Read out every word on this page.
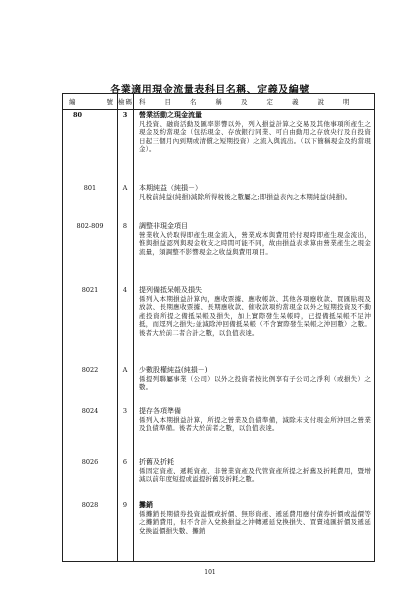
各業適用現金流量表科目名稱、定義及編號
編	號 檢碼 科目名稱及定義說明
80	3	營業活動之現金流量
凡投資、融資活動及匯率影響以外，列入損益計算之交易及其他事項所產生之現金及約當現金（包括現金、存放銀行同業、可自由動用之存放央行及自投資日起三個月內到期或清償之短期投資）之流入與流出。（以下簡稱現金及約當現金）。
801	A	本期純益（純損－）
凡稅前純益(純損)減除所得稅後之數屬之;即損益表內之本期純益(純損)。
802-809	8	調整非現金項目
營業收入於取得即產生現金流入，營業成本與費用於付現時即產生現金流出，惟與損益認列與現金收支之時間可能不同，故由損益表求算由營業產生之現金流量，須調整不影響現金之收益與費用項目。
8021	4	提列備抵呆帳及損失
係列入本期損益計算內，應收票據、應收帳款、其他各項應收款、買匯貼現及放款、長期應收票據、長期應收款、催收款項約當現金以外之短期投資及不動產投資所提之備抵呆帳及損失，加上實際發生呆帳時，已提備抵呆帳不足沖抵，而逕列之損失;並減除沖回備抵呆帳（不含實際發生呆帳之沖回數）之數。後者大於前二者合計之數，以負值表達。
8022	A	少數股權純益(純損－)
係提列聯屬事業（公司）以外之投資者按比例享有子公司之淨利（或損失）之數。
8024	3	提存各項準備
係列入本期損益計算，所提之營業及負債準備，減除未支付現金所沖回之營業及負債準備。後者大於前者之數，以負值表達。
8026	6	折舊及折耗
係固定資產、遞耗資產、非營業資產及代管資產所提之折舊及折耗費用，暨增減以前年度短提或溢提折舊及折耗之數。
8028	9	攤銷
係攤銷長期債券投資溢價或折價、無形資產、遞延費用應付債券折價或溢價等之攤銷費用，但不含計入兌換損益之沖轉遞延兌換損失、買賣遠匯折價及遞延兌換溢價損失數、攤銷
101
